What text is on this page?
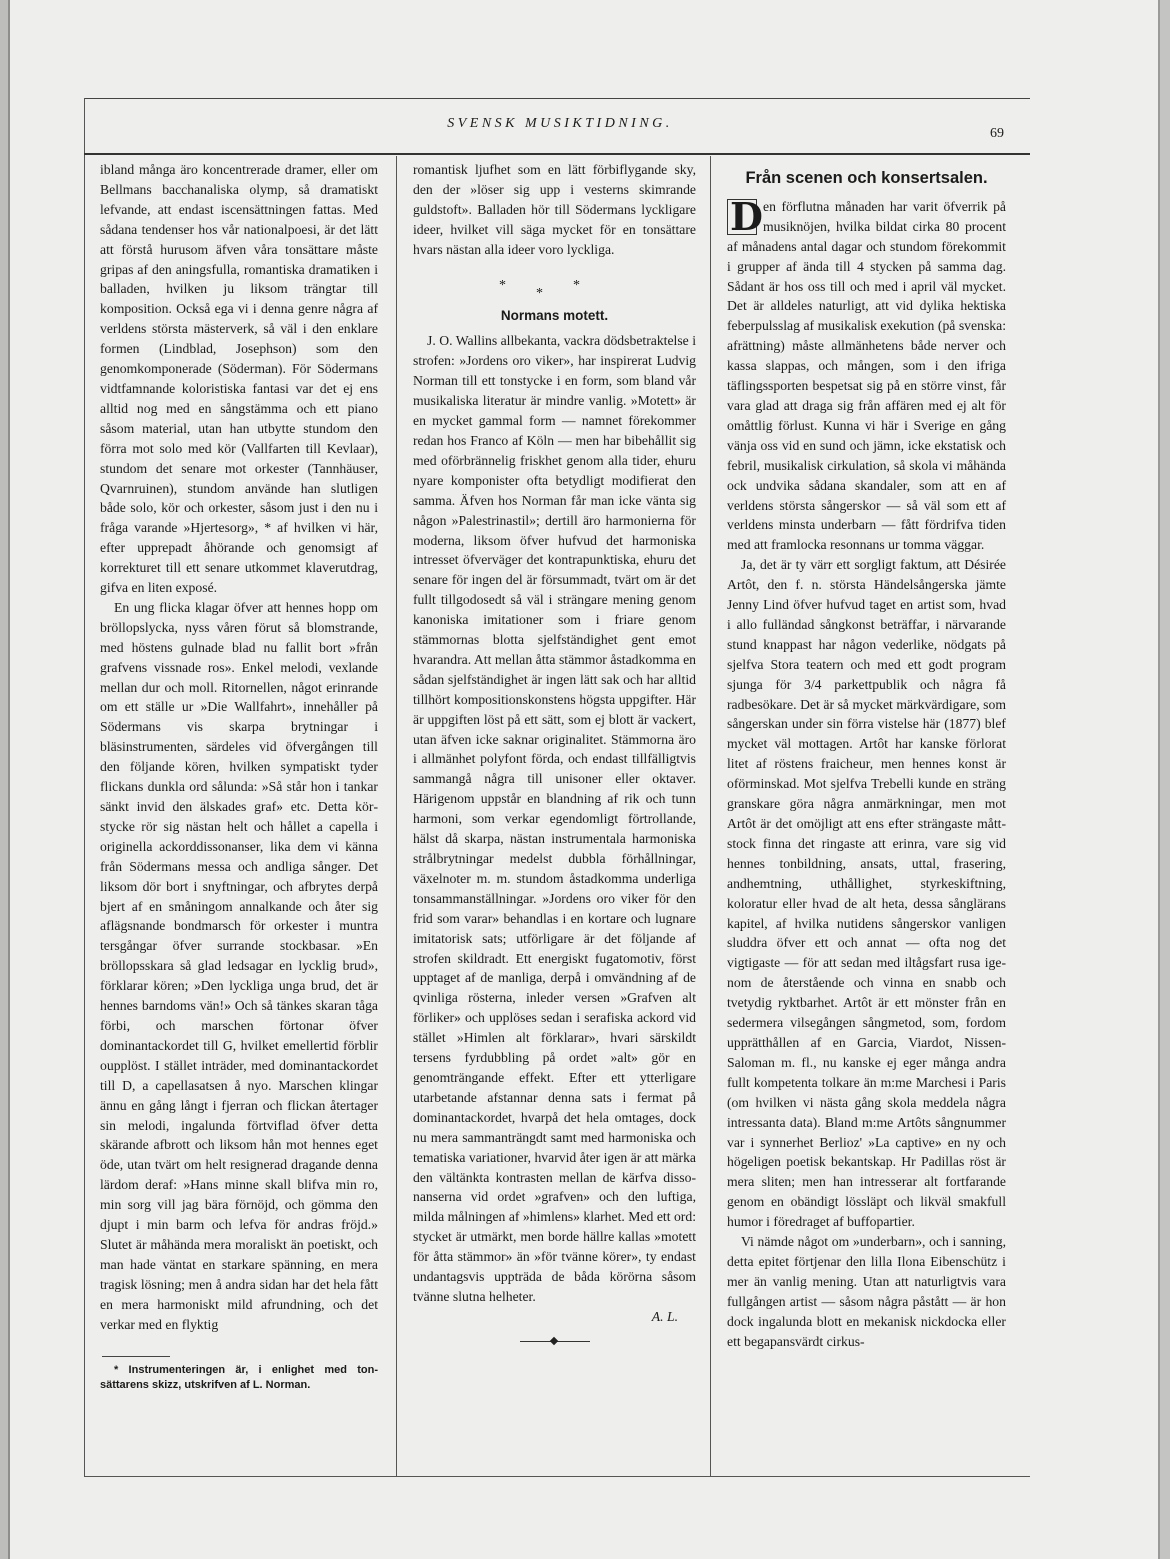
SVENSK MUSIKTIDNING.
69

ibland många äro koncentrerade dramer, eller om Bellmans bacchanaliska olymp, så dramatiskt lefvande, att endast iscensättningen fattas. Med sådana tendenser hos vår nationalpoesi, är det lätt att förstå hurusom äfven våra tonsättare måste gripas af den aningsfulla, romantiska dramatiken i balladen, hvilken ju liksom trängtar till komposition. Också ega vi i denna genre några af verldens största mästerverk, så väl i den enklare formen (Lindblad, Josephson) som den genomkomponerade (Söderman). För Södermans vidtfamnande koloristiska fantasi var det ej ens alltid nog med en sångstämma och ett piano såsom material, utan han utbytte stundom den förra mot solo med kör (Vallfarten till Kevlaar), stundom det senare mot orkester (Tannhäuser, Qvarnruinen), stundom använde han slutligen både solo, kör och orkester, såsom just i den nu i fråga varande »Hjertesorg», * af hvilken vi här, efter upprepadt åhörande och genomsigt af korrekturet till ett senare utkommet klaverutdrag, gifva en liten exposé.

En ung flicka klagar öfver att hennes hopp om bröllopslycka, nyss våren förut så blomstrande, med höstens gulnade blad nu fallit bort »från grafvens vissnade ros». Enkel melodi, vexlande mellan dur och moll. Ritornellen, något erinrande om ett ställe ur »Die Wallfahrt», innehåller på Södermans vis skarpa brytningar i bläsinstrumenten, särdeles vid öfvergången till den följande kören, hvilken sympatiskt tyder flickans dunkla ord sålunda: »Så står hon i tankar sänkt invid den älskades graf» etc. Detta körstycke rör sig nästan helt och hållet a capella i originella ackorddissonanser, lika dem vi känna från Södermans messa och andliga sånger. Det liksom dör bort i snyftningar, och afbrytes derpå bjert af en småningom annalkande och åter sig aflägsnande bondmarsch för orkester i muntra tersgångar öfver surrande stockbasar. »En bröllopsskara så glad ledsagar en lycklig brud», förklarar kören; »Den lyckliga unga brud, det är hennes barndoms vän!» Och så tänkes skaran tåga förbi, och marschen förtonar öfver dominantackordet till G, hvilket emellertid förblir oupplöst. I stället inträder, med dominantackordet till D, a capellasatsen å nyo. Marschen klingar ännu en gång långt i fjerran och flickan återtager sin melodi, ingalunda förtviflad öfver detta skärande afbrott och liksom hån mot hennes eget öde, utan tvärt om helt resignerad dragande denna lärdom deraf: »Hans minne skall blifva min ro, min sorg vill jag bära förnöjd, och gömma den djupt i min barm och lefva för andras fröjd.» Slutet är måhända mera moraliskt än poetiskt, och man hade väntat en starkare spänning, en mera tragisk lösning; men å andra sidan har det hela fått en mera harmoniskt mild afrundning, och det verkar med en flyktig

* Instrumenteringen är, i enlighet med tonsättarens skizz, utskrifven af L. Norman.

romantisk ljufhet som en lätt förbiflygande sky, den der »löser sig upp i vesterns skimrande guldstoft». Balladen hör till Södermans lyckligare ideer, hvilket vill säga mycket för en tonsättare hvars nästan alla ideer voro lyckliga.

***
Normans motett.

J. O. Wallins allbekanta, vackra dödsbetraktelse i strofen: »Jordens oro viker», har inspirerat Ludvig Norman till ett tonstycke i en form, som bland vår musikaliska literatur är mindre vanlig. »Motett» är en mycket gammal form — namnet förekommer redan hos Franco af Köln — men har bibehållit sig med oförbrännelig friskhet genom alla tider, ehuru nyare komponister ofta betydligt modifierat den samma. Äfven hos Norman får man icke vänta sig någon »Palestrinastil»; dertill äro harmonierna för moderna, liksom öfver hufvud det harmoniska intresset öfverväger det kontrapunktiska, ehuru det senare för ingen del är försummadt, tvärt om är det fullt tillgodosedt så väl i strängare mening genom kanoniska imitationer som i friare genom stämmornas blotta sjelfständighet gent emot hvarandra. Att mellan åtta stämmor åstadkomma en sådan sjelfständighet är ingen lätt sak och har alltid tillhört kompositionskonstens högsta uppgifter. Här är uppgiften löst på ett sätt, som ej blott är vackert, utan äfven icke saknar originalitet. Stämmorna äro i allmänhet polyfont förda, och endast tillfälligtvis sammangå några till unisoner eller oktaver. Härigenom uppstår en blandning af rik och tunn harmoni, som verkar egendomligt förtrollande, hälst då skarpa, nästan instrumentala harmoniska strålbrytningar medelst dubbla förhållningar, växelnoter m. m. stundom åstadkomma underliga tonsammanställningar. »Jordens oro viker för den frid som varar» behandlas i en kortare och lugnare imitatorisk sats; utförligare är det följande af strofen skildradt. Ett energiskt fugatomotiv, först upptaget af de manliga, derpå i omvändning af de qvinliga rösterna, inleder versen »Grafven alt förliker» och upplöses sedan i serafiska ackord vid stället »Himlen alt förklarar», hvari särskildt tersens fyrdubbling på ordet »alt» gör en genomträngande effekt. Efter ett ytterligare utarbetande afstannar denna sats i fermat på dominantackordet, hvarpå det hela omtages, dock nu mera sammanträngdt samt med harmoniska och tematiska variationer, hvarvid åter igen är att märka den vältänkta kontrasten mellan de kärfva dissonanserna vid ordet »grafven» och den luftiga, milda målningen af »himlens» klarhet. Med ett ord: stycket är utmärkt, men borde hällre kallas »motett för åtta stämmor» än »för tvänne körer», ty endast undantagsvis uppträda de båda körörna såsom tvänne slutna helheter.

A. L.
Från scenen och konsertsalen.

D en förflutna månaden har varit öfverrik på musiknöjen, hvilka bildat cirka 80 procent af månadens antal dagar och stundom förekommit i grupper af ända till 4 stycken på samma dag. Sådant är hos oss till och med i april väl mycket. Det är alldeles naturligt, att vid dylika hektiska feberpulsslag af musikalisk exekution (på svenska: afrättning) måste allmänhetens både nerver och kassa slappas, och mången, som i den ifriga täflingssporten bespetsat sig på en större vinst, får vara glad att draga sig från affären med ej alt för omåttlig förlust. Kunna vi här i Sverige en gång vänja oss vid en sund och jämn, icke ekstatisk och febril, musikalisk cirkulation, så skola vi måhända ock undvika sådana skandaler, som att en af verldens största sångerskor — så väl som ett af verldens minsta underbarn — fått fördrifva tiden med att framlocka resonnans ur tomma väggar.

Ja, det är ty värr ett sorgligt faktum, att Désirée Artôt, den f. n. största Händelsångerska jämte Jenny Lind öfver hufvud taget en artist som, hvad i allo fulländad sångkonst beträffar, i närvarande stund knappast har någon vederlike, nödgats på sjelfva Stora teatern och med ett godt program sjunga för 3/4 parkettpublik och några få radbesökare. Det är så mycket märkvärdigare, som sångerskan under sin förra vistelse här (1877) blef mycket väl mottagen. Artôt har kanske förlorat litet af röstens fraicheur, men hennes konst är oförminskad. Mot sjelfva Trebelli kunde en sträng granskare göra några anmärkningar, men mot Artôt är det omöjligt att ens efter strängaste måttstock finna det ringaste att erinra, vare sig vid hennes tonbildning, ansats, uttal, frasering, andhemtning, uthållighet, styrkeskiftning, koloratur eller hvad de alt heta, dessa sånglärans kapitel, af hvilka nutidens sångerskor vanligen sluddra öfver ett och annat — ofta nog det vigtigaste — för att sedan med iltågsfart rusa igenom de återstående och vinna en snabb och tvetydig ryktbarhet. Artôt är ett mönster från en sedermera vilsegången sångmetod, som, fordom upprätthållen af en Garcia, Viardot, Nissen-Saloman m. fl., nu kanske ej eger många andra fullt kompetenta tolkare än m:me Marchesi i Paris (om hvilken vi nästa gång skola meddela några intressanta data). Bland m:me Artôts sångnummer var i synnerhet Berlioz' »La captive» en ny och högeligen poetisk bekantskap. Hr Padillas röst är mera sliten; men han intresserar alt fortfarande genom en obändigt lössläpt och likväl smakfull humor i föredraget af buffopartier.

Vi nämde något om »underbarn», och i sanning, detta epitet förtjenar den lilla Ilona Eibenschütz i mer än vanlig mening. Utan att naturligtvis vara fullgången artist — såsom några påstått — är hon dock ingalunda blott en mekanisk nickdocka eller ett begapansvärdt cirkus-
